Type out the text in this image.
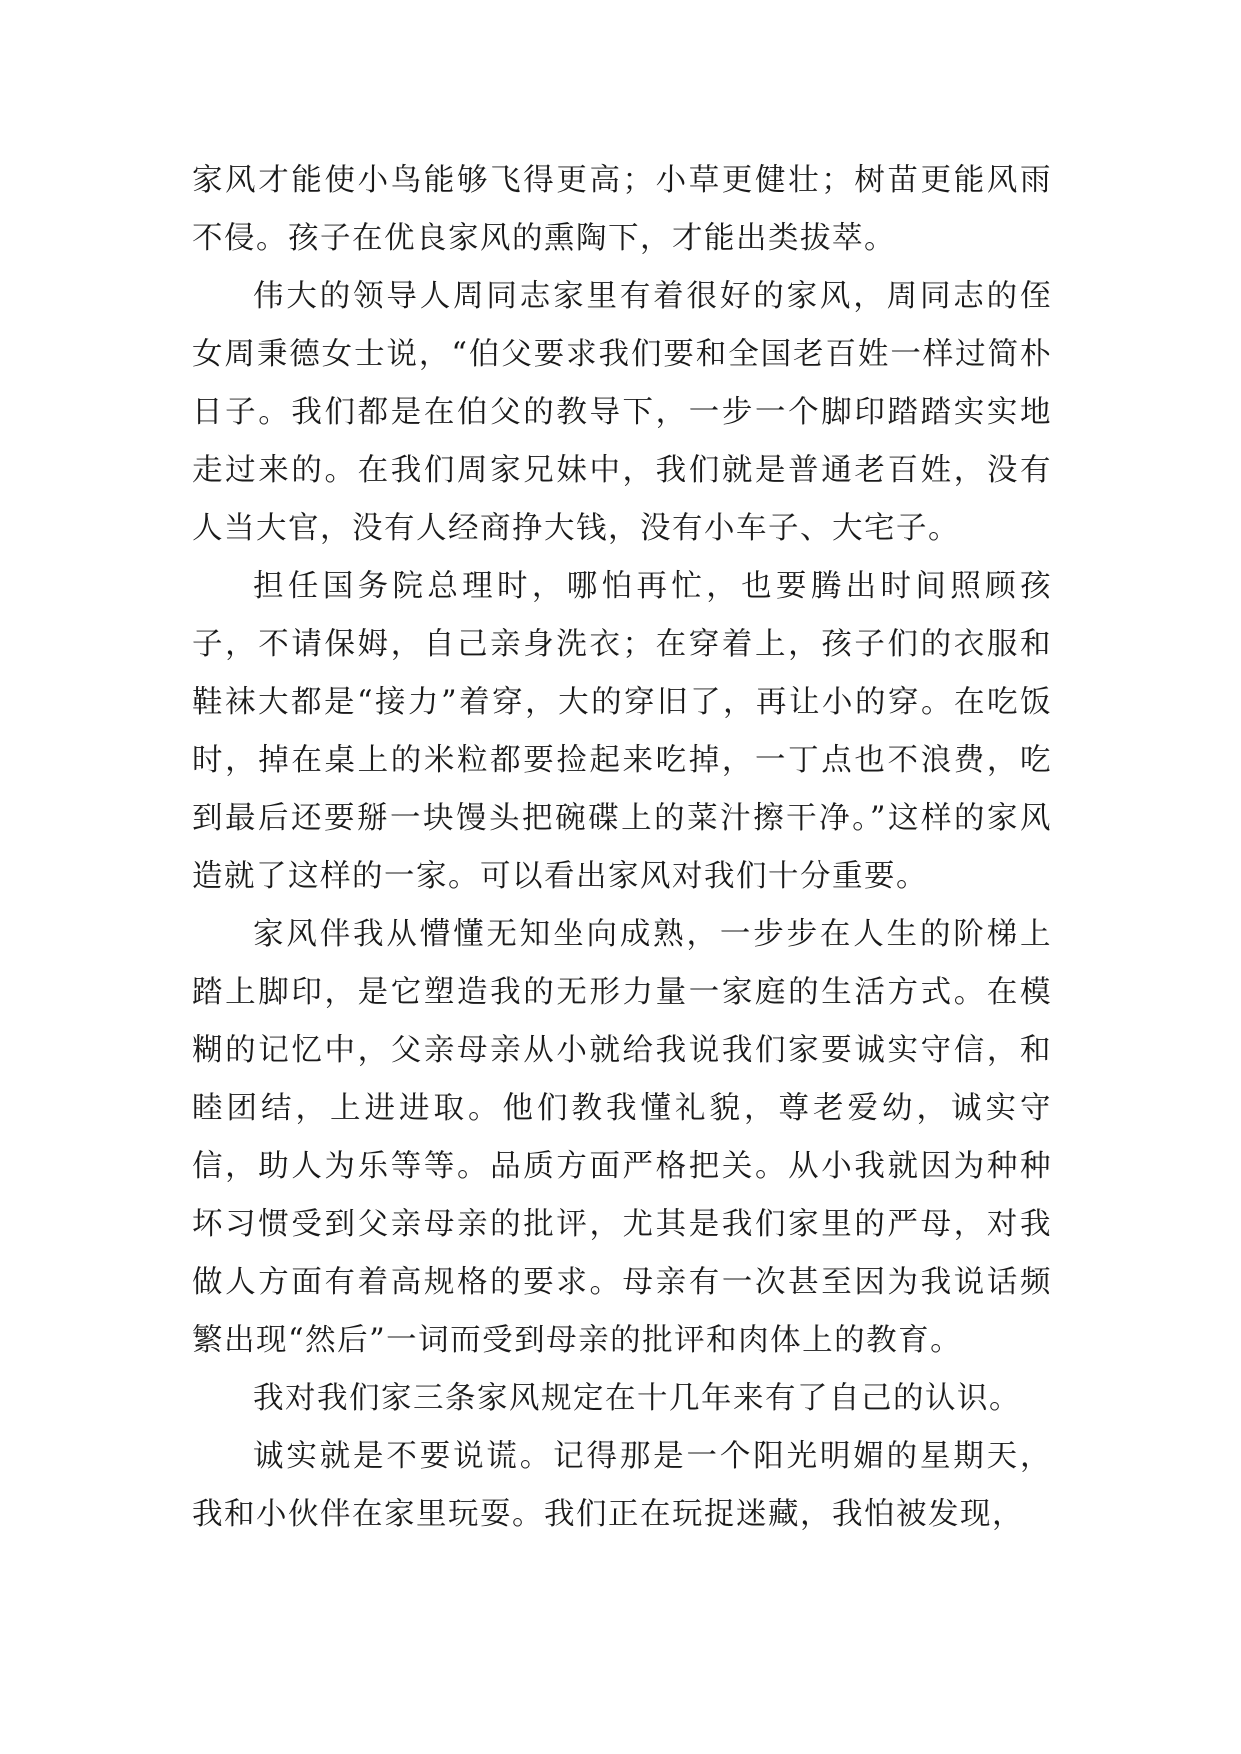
家风才能使小鸟能够飞得更高；小草更健壮；树苗更能风雨不侵。孩子在优良家风的熏陶下，才能出类拔萃。

伟大的领导人周同志家里有着很好的家风，周同志的侄女周秉德女士说，“伯父要求我们要和全国老百姓一样过简朴日子。我们都是在伯父的教导下，一步一个脚印踏踏实实地走过来的。在我们周家兄妹中，我们就是普通老百姓，没有人当大官，没有人经商挣大钱，没有小车子、大宅子。

担任国务院总理时，哪怕再忙，也要腾出时间照顾孩子，不请保姆，自己亲身洗衣；在穿着上，孩子们的衣服和鞋袜大都是“接力”着穿，大的穿旧了，再让小的穿。在吃饭时，掉在桌上的米粒都要捡起来吃掉，一丁点也不浪费，吃到最后还要掰一块馒头把碗碟上的菜汁擦干净。”这样的家风造就了这样的一家。可以看出家风对我们十分重要。

家风伴我从懵懂无知坐向成熟，一步步在人生的阶梯上踏上脚印，是它塑造我的无形力量一家庭的生活方式。在模糊的记忆中，父亲母亲从小就给我说我们家要诚实守信，和睦团结，上进进取。他们教我懂礼貌，尊老爱幼，诚实守信，助人为乐等等。品质方面严格把关。从小我就因为种种坏习惯受到父亲母亲的批评，尤其是我们家里的严母，对我做人方面有着高规格的要求。母亲有一次甚至因为我说话频繁出现“然后”一词而受到母亲的批评和肉体上的教育。

我对我们家三条家风规定在十几年来有了自己的认识。

诚实就是不要说谎。记得那是一个阳光明媚的星期天，我和小伙伴在家里玩耍。我们正在玩捉迷藏，我怕被发现，
